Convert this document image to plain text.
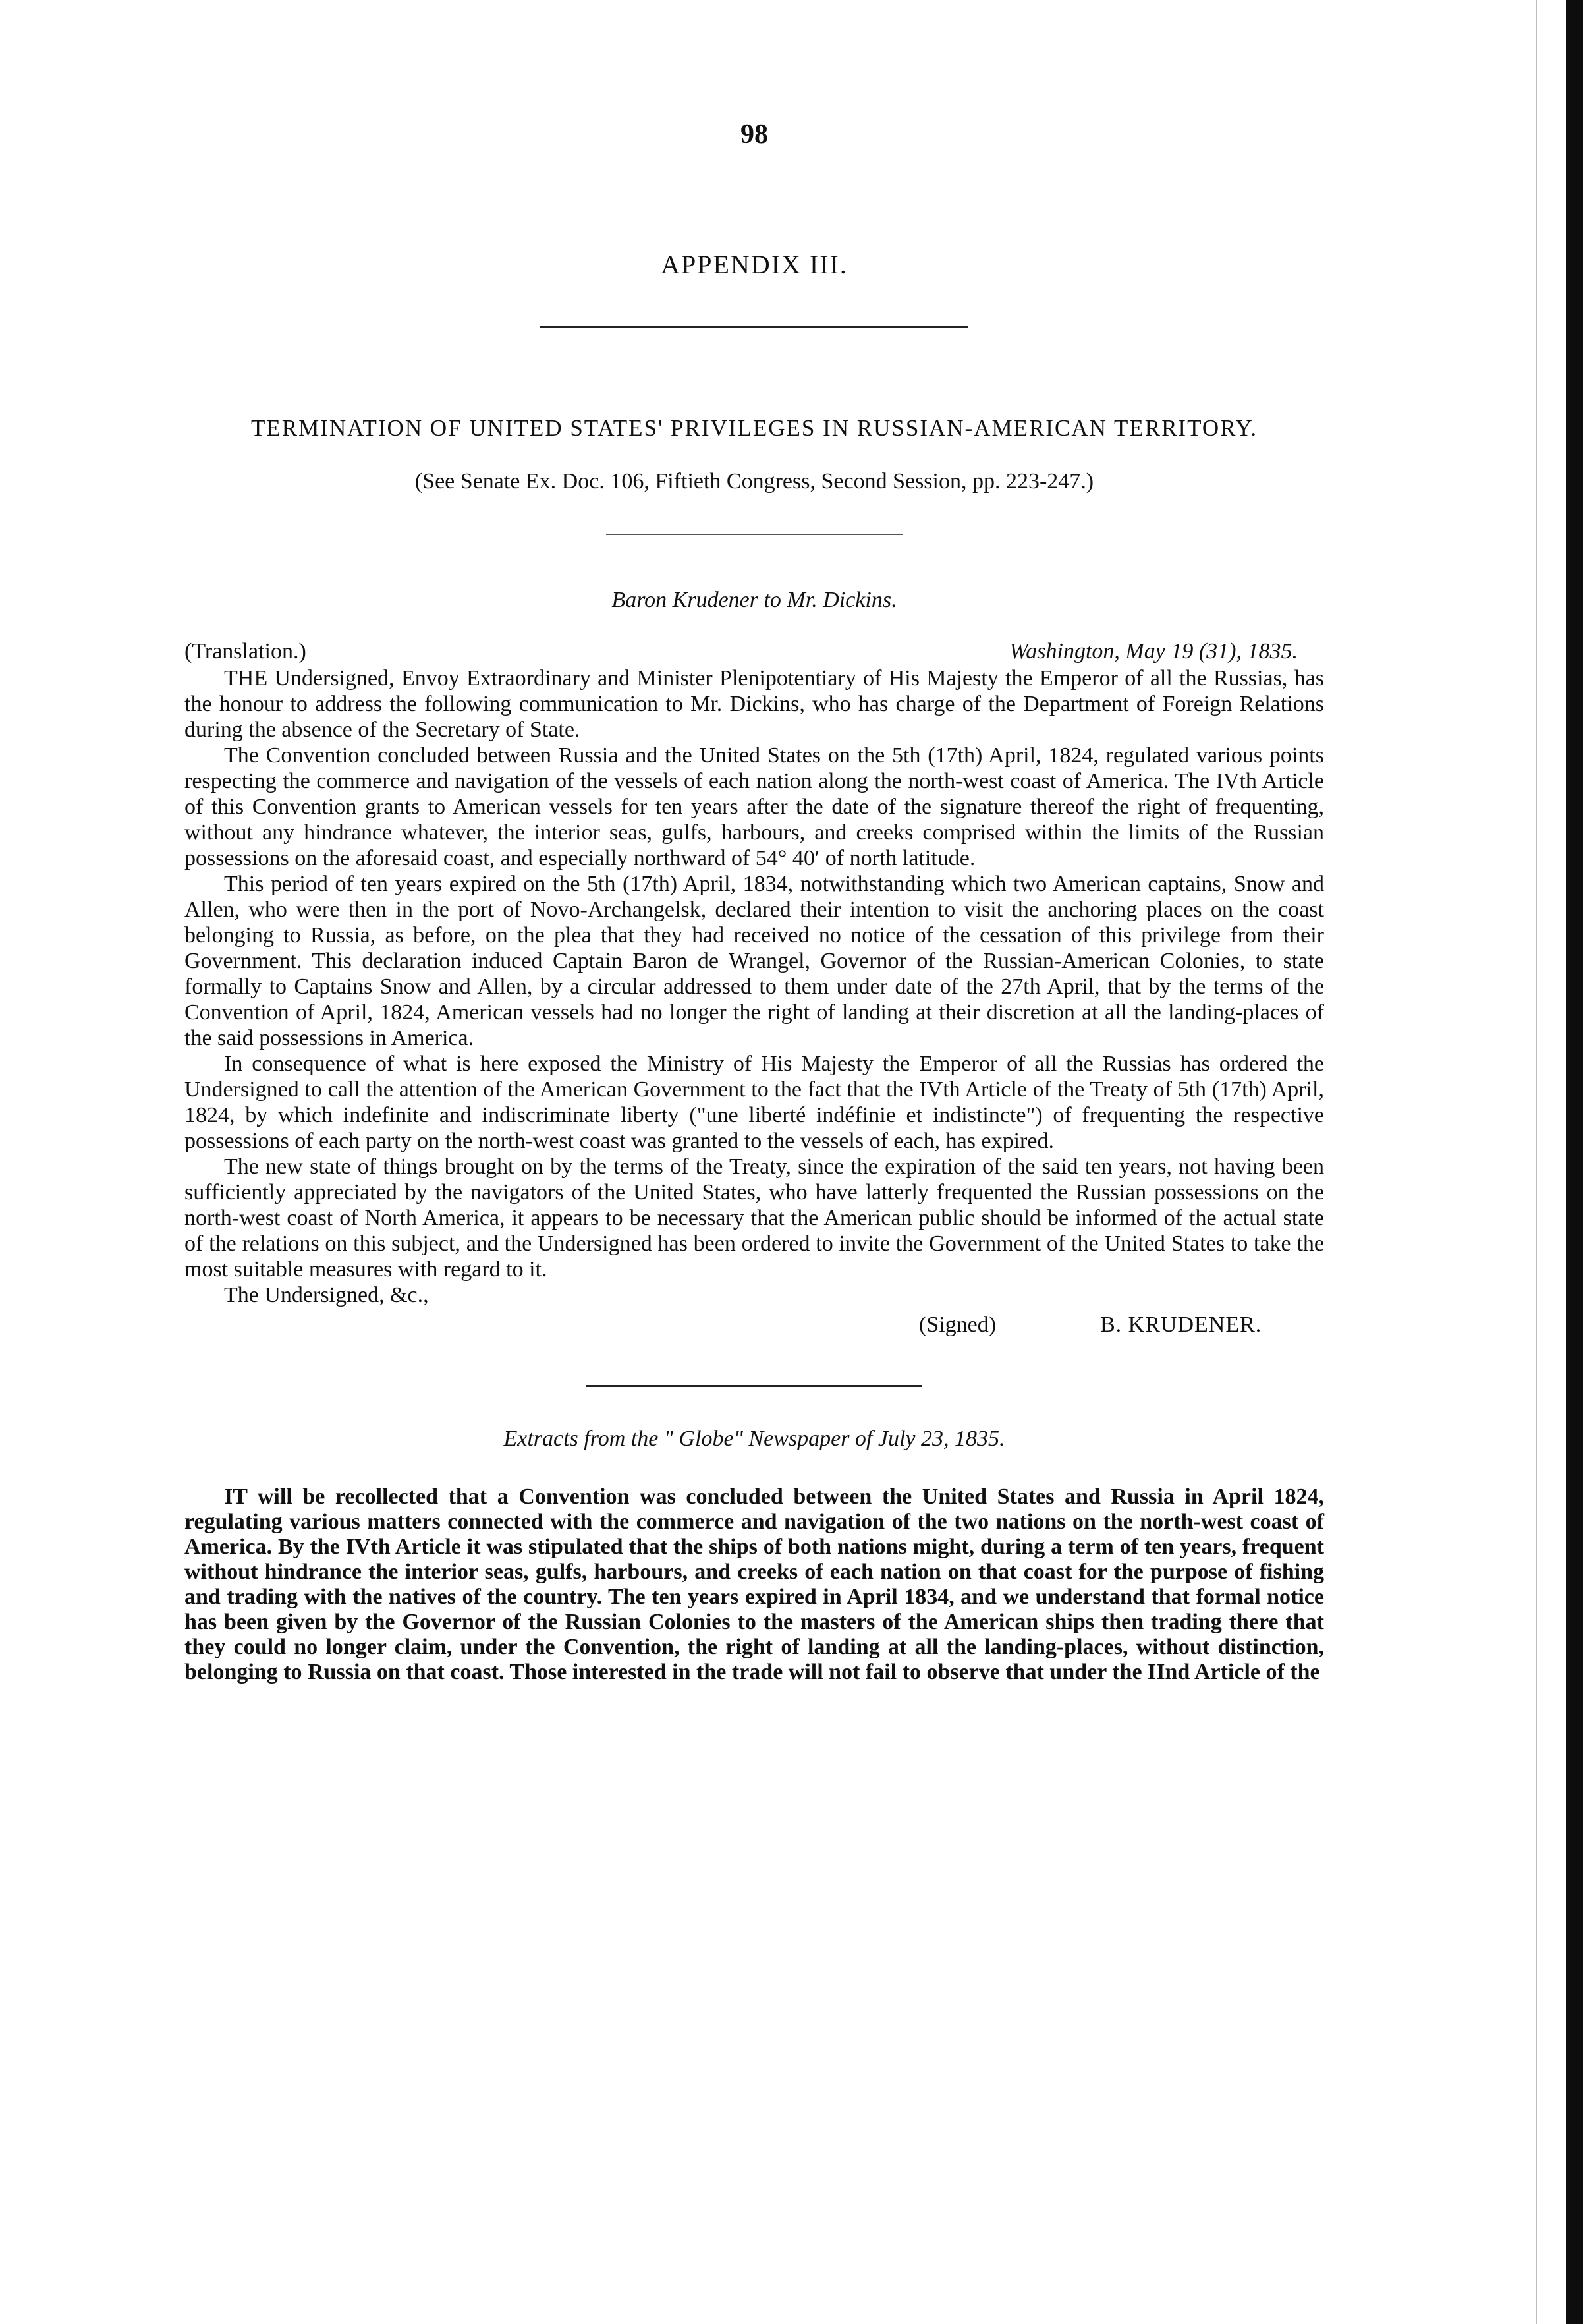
98
APPENDIX III.
TERMINATION OF UNITED STATES' PRIVILEGES IN RUSSIAN-AMERICAN TERRITORY.
(See Senate Ex. Doc. 106, Fiftieth Congress, Second Session, pp. 223-247.)
Baron Krudener to Mr. Dickins.
(Translation.)	Washington, May 19 (31), 1835.

THE Undersigned, Envoy Extraordinary and Minister Plenipotentiary of His Majesty the Emperor of all the Russias, has the honour to address the following communication to Mr. Dickins, who has charge of the Department of Foreign Relations during the absence of the Secretary of State.

The Convention concluded between Russia and the United States on the 5th (17th) April, 1824, regulated various points respecting the commerce and navigation of the vessels of each nation along the north-west coast of America. The IVth Article of this Convention grants to American vessels for ten years after the date of the signature thereof the right of frequenting, without any hindrance whatever, the interior seas, gulfs, harbours, and creeks comprised within the limits of the Russian possessions on the aforesaid coast, and especially northward of 54° 40′ of north latitude.

This period of ten years expired on the 5th (17th) April, 1834, notwithstanding which two American captains, Snow and Allen, who were then in the port of Novo-Archangelsk, declared their intention to visit the anchoring places on the coast belonging to Russia, as before, on the plea that they had received no notice of the cessation of this privilege from their Government. This declaration induced Captain Baron de Wrangel, Governor of the Russian-American Colonies, to state formally to Captains Snow and Allen, by a circular addressed to them under date of the 27th April, that by the terms of the Convention of April, 1824, American vessels had no longer the right of landing at their discretion at all the landing-places of the said possessions in America.

In consequence of what is here exposed the Ministry of His Majesty the Emperor of all the Russias has ordered the Undersigned to call the attention of the American Government to the fact that the IVth Article of the Treaty of 5th (17th) April, 1824, by which indefinite and indiscriminate liberty ("une liberté indéfinie et indistincte") of frequenting the respective possessions of each party on the north-west coast was granted to the vessels of each, has expired.

The new state of things brought on by the terms of the Treaty, since the expiration of the said ten years, not having been sufficiently appreciated by the navigators of the United States, who have latterly frequented the Russian possessions on the north-west coast of North America, it appears to be necessary that the American public should be informed of the actual state of the relations on this subject, and the Undersigned has been ordered to invite the Government of the United States to take the most suitable measures with regard to it.

The Undersigned, &c.,
(Signed)	B. KRUDENER.
Extracts from the " Globe" Newspaper of July 23, 1835.

IT will be recollected that a Convention was concluded between the United States and Russia in April 1824, regulating various matters connected with the commerce and navigation of the two nations on the north-west coast of America. By the IVth Article it was stipulated that the ships of both nations might, during a term of ten years, frequent without hindrance the interior seas, gulfs, harbours, and creeks of each nation on that coast for the purpose of fishing and trading with the natives of the country. The ten years expired in April 1834, and we understand that formal notice has been given by the Governor of the Russian Colonies to the masters of the American ships then trading there that they could no longer claim, under the Convention, the right of landing at all the landing-places, without distinction, belonging to Russia on that coast. Those interested in the trade will not fail to observe that under the IInd Article of the
